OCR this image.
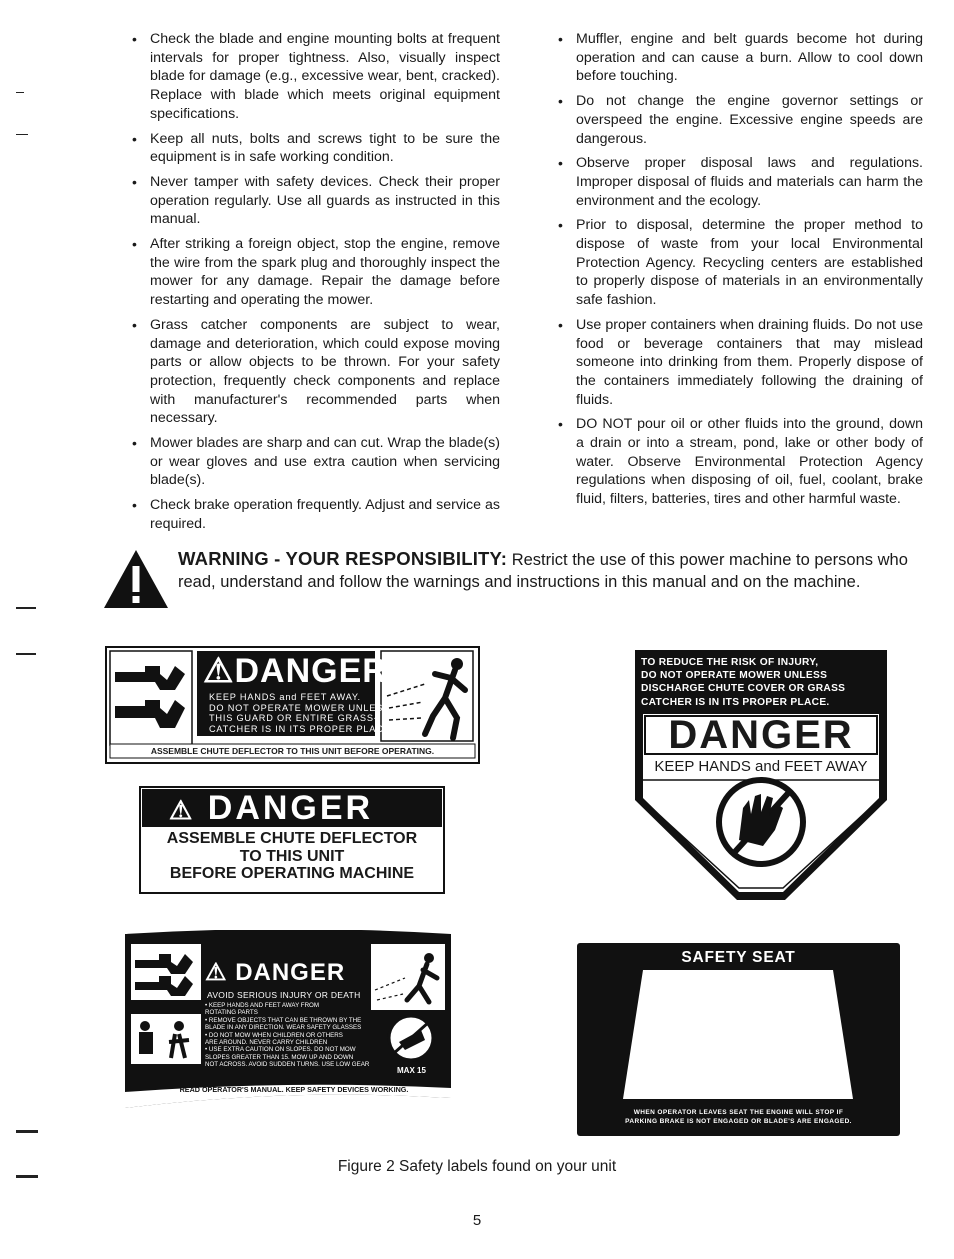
• Check the blade and engine mounting bolts at frequent intervals for proper tightness. Also, visually inspect blade for damage (e.g., excessive wear, bent, cracked). Replace with blade which meets original equipment specifications.
• Keep all nuts, bolts and screws tight to be sure the equipment is in safe working condition.
• Never tamper with safety devices. Check their proper operation regularly. Use all guards as instructed in this manual.
• After striking a foreign object, stop the engine, remove the wire from the spark plug and thoroughly inspect the mower for any damage. Repair the damage before restarting and operating the mower.
• Grass catcher components are subject to wear, damage and deterioration, which could expose moving parts or allow objects to be thrown. For your safety protection, frequently check components and replace with manufacturer's recommended parts when necessary.
• Mower blades are sharp and can cut. Wrap the blade(s) or wear gloves and use extra caution when servicing blade(s).
• Check brake operation frequently. Adjust and service as required.
• Muffler, engine and belt guards become hot during operation and can cause a burn. Allow to cool down before touching.
• Do not change the engine governor settings or overspeed the engine. Excessive engine speeds are dangerous.
• Observe proper disposal laws and regulations. Improper disposal of fluids and materials can harm the environment and the ecology.
• Prior to disposal, determine the proper method to dispose of waste from your local Environmental Protection Agency. Recycling centers are established to properly dispose of materials in an environmentally safe fashion.
• Use proper containers when draining fluids. Do not use food or beverage containers that may mislead someone into drinking from them. Properly dispose of the containers immediately following the draining of fluids.
• DO NOT pour oil or other fluids into the ground, down a drain or into a stream, pond, lake or other body of water. Observe Environmental Protection Agency regulations when disposing of oil, fuel, coolant, brake fluid, filters, batteries, tires and other harmful waste.
WARNING - YOUR RESPONSIBILITY: Restrict the use of this power machine to persons who read, understand and follow the warnings and instructions in this manual and on the machine.
⚠DANGER
KEEP HANDS and FEET AWAY.
DO NOT OPERATE MOWER UNLESS
THIS GUARD OR ENTIRE GRASS-
CATCHER IS IN ITS PROPER PLACE.
ASSEMBLE CHUTE DEFLECTOR TO THIS UNIT BEFORE OPERATING.
⚠ DANGER
ASSEMBLE CHUTE DEFLECTOR
TO THIS UNIT
BEFORE OPERATING MACHINE
TO REDUCE THE RISK OF INJURY,
DO NOT OPERATE MOWER UNLESS
DISCHARGE CHUTE COVER OR GRASS
CATCHER IS IN ITS PROPER PLACE.
DANGER
KEEP HANDS and FEET AWAY
⚠ DANGER
AVOID SERIOUS INJURY OR DEATH
• KEEP HANDS AND FEET AWAY FROM
ROTATING PARTS
• REMOVE OBJECTS THAT CAN BE THROWN BY THE
BLADE IN ANY DIRECTION. WEAR SAFETY GLASSES
• DO NOT MOW WHEN CHILDREN OR OTHERS
ARE AROUND. NEVER CARRY CHILDREN
• USE EXTRA CAUTION ON SLOPES. DO NOT MOW
SLOPES GREATER THAN 15. MOW UP AND DOWN
NOT ACROSS. AVOID SUDDEN TURNS. USE LOW GEAR
MAX 15
READ OPERATOR'S MANUAL. KEEP SAFETY DEVICES WORKING.
SAFETY SEAT
WHEN OPERATOR LEAVES SEAT THE ENGINE WILL STOP IF
PARKING BRAKE IS NOT ENGAGED OR BLADE'S ARE ENGAGED.
Figure 2 Safety labels found on your unit
5
